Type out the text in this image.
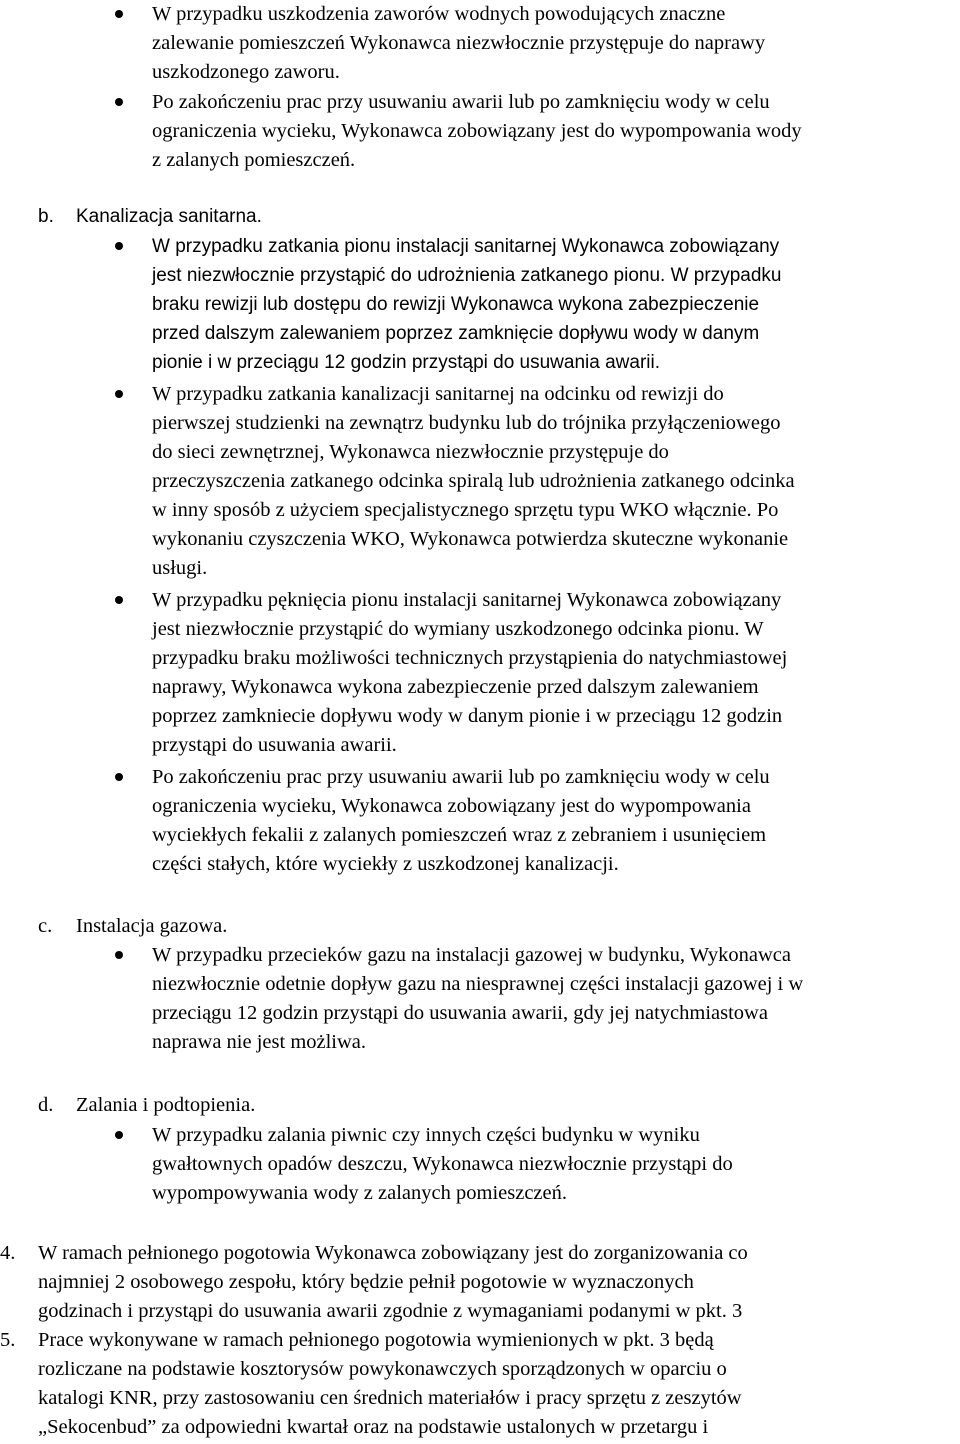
W przypadku uszkodzenia zaworów wodnych powodujących znaczne
zalewanie pomieszczeń Wykonawca niezwłocznie przystępuje do naprawy
uszkodzonego zaworu.
Po zakończeniu prac przy usuwaniu awarii lub po zamknięciu wody w celu
ograniczenia wycieku, Wykonawca zobowiązany jest do wypompowania wody
z zalanych pomieszczeń.
b. Kanalizacja sanitarna.
W przypadku zatkania pionu instalacji sanitarnej Wykonawca zobowiązany
jest niezwłocznie przystąpić do udrożnienia zatkanego pionu. W przypadku
braku rewizji lub dostępu do rewizji Wykonawca wykona zabezpieczenie
przed dalszym zalewaniem poprzez zamknięcie dopływu wody w danym
pionie i w przeciągu 12 godzin przystąpi do usuwania awarii.
W przypadku zatkania kanalizacji sanitarnej na odcinku od rewizji do
pierwszej studzienki na zewnątrz budynku lub do trójnika przyłączeniowego
do sieci zewnętrznej, Wykonawca niezwłocznie przystępuje do
przeczyszczenia zatkanego odcinka spiralą lub udrożnienia zatkanego odcinka
w inny sposób z użyciem specjalistycznego sprzętu typu WKO włącznie. Po
wykonaniu czyszczenia WKO, Wykonawca potwierdza skuteczne wykonanie
usługi.
W przypadku pęknięcia pionu instalacji sanitarnej Wykonawca zobowiązany
jest niezwłocznie przystąpić do wymiany uszkodzonego odcinka pionu. W
przypadku braku możliwości technicznych przystąpienia do natychmiastowej
naprawy, Wykonawca wykona zabezpieczenie przed dalszym zalewaniem
poprzez zamkniecie dopływu wody w danym pionie i w przeciągu 12 godzin
przystąpi do usuwania awarii.
Po zakończeniu prac przy usuwaniu awarii lub po zamknięciu wody w celu
ograniczenia wycieku, Wykonawca zobowiązany jest do wypompowania
wyciekłych fekalii z zalanych pomieszczeń wraz z zebraniem i usunięciem
części stałych, które wyciekły z uszkodzonej kanalizacji.
c. Instalacja gazowa.
W przypadku przecieków gazu na instalacji gazowej w budynku, Wykonawca
niezwłocznie odetnie dopływ gazu na niesprawnej części instalacji gazowej i w
przeciągu 12 godzin przystąpi do usuwania awarii, gdy jej natychmiastowa
naprawa nie jest możliwa.
d. Zalania i podtopienia.
W przypadku zalania piwnic czy innych części budynku w wyniku
gwałtownych opadów deszczu, Wykonawca niezwłocznie przystąpi do
wypompowywania wody z zalanych pomieszczeń.
4. W ramach pełnionego pogotowia Wykonawca zobowiązany jest do zorganizowania co
najmniej 2 osobowego zespołu, który będzie pełnił pogotowie w wyznaczonych
godzinach i przystąpi do usuwania awarii zgodnie z wymaganiami podanymi w pkt. 3
5. Prace wykonywane w ramach pełnionego pogotowia wymienionych w pkt. 3 będą
rozliczane na podstawie kosztorysów powykonawczych sporządzonych w oparciu o
katalogi KNR, przy zastosowaniu cen średnich materiałów i pracy sprzętu z zeszytów
„Sekocenbud” za odpowiedni kwartał oraz na podstawie ustalonych w przetargu i
